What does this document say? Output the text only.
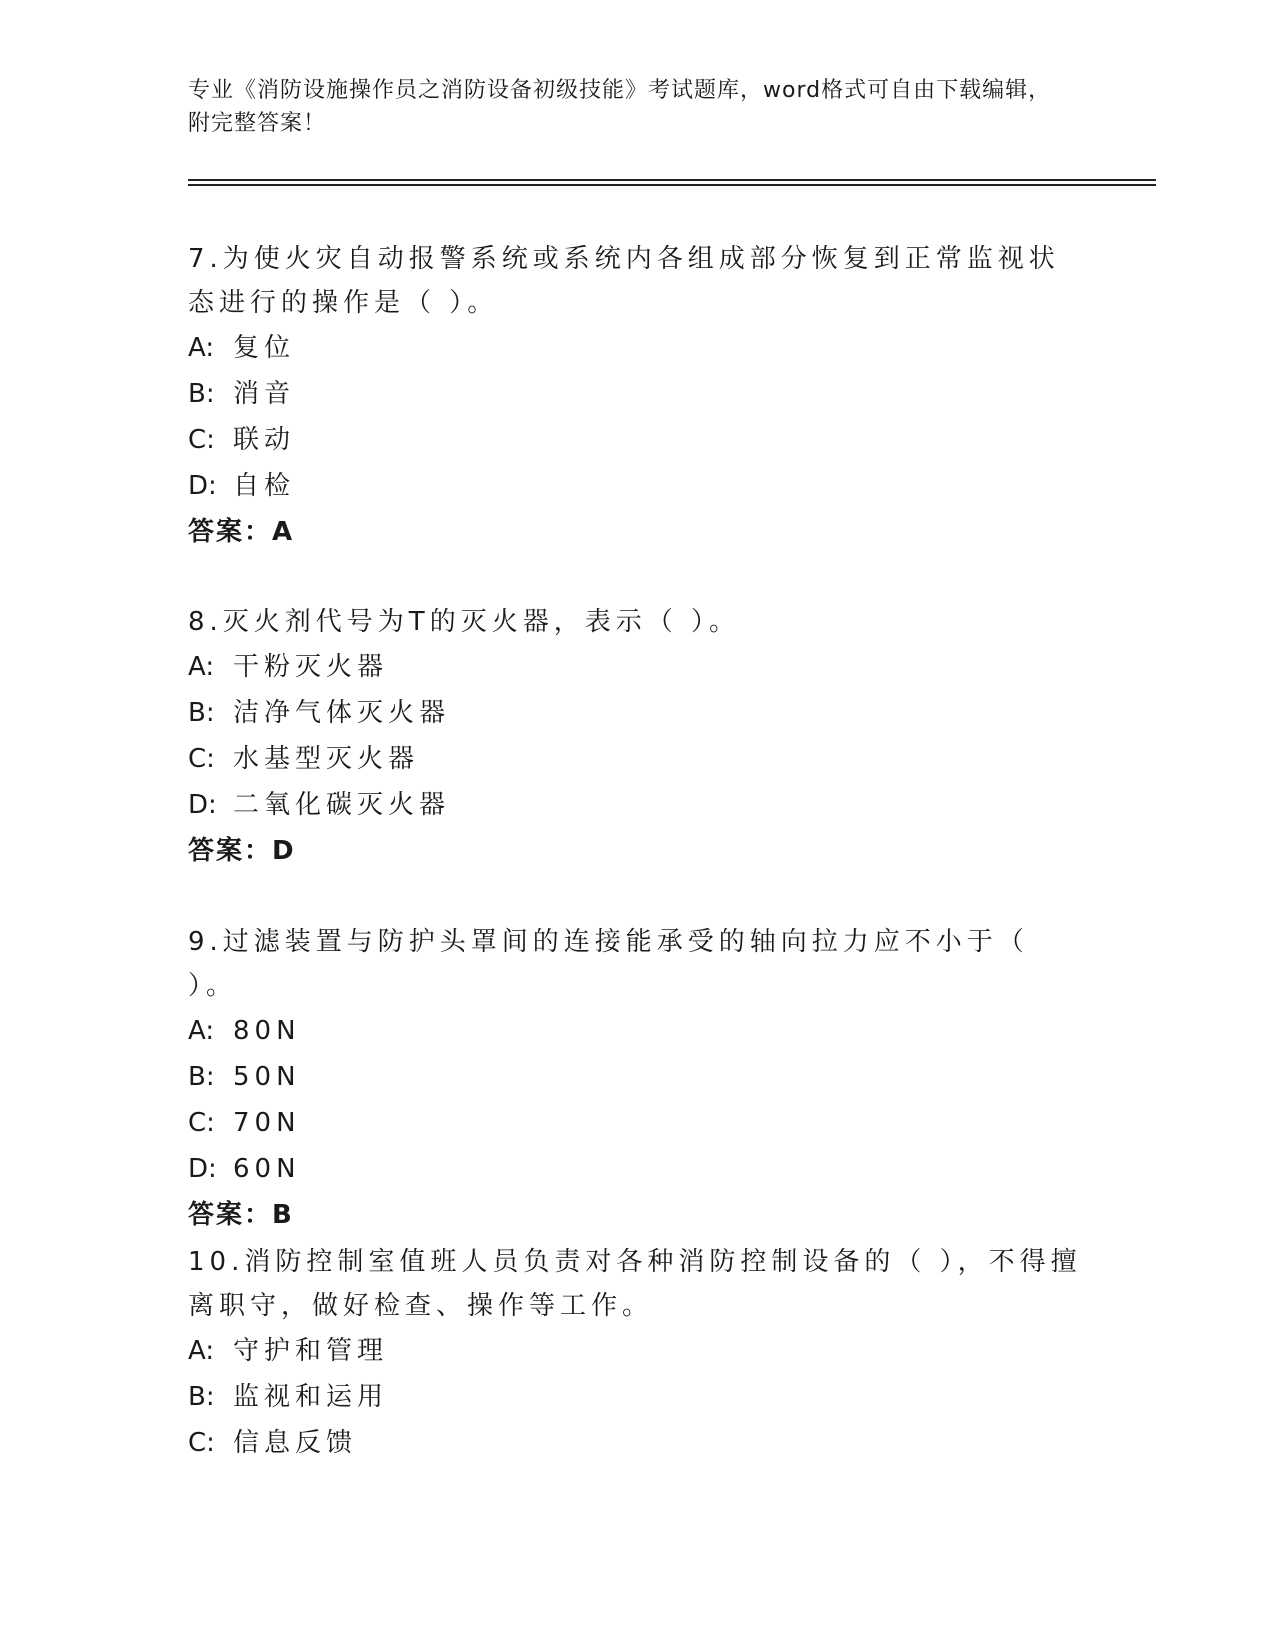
专业《消防设施操作员之消防设备初级技能》考试题库，word格式可自由下载编辑，附完整答案！

7.为使火灾自动报警系统或系统内各组成部分恢复到正常监视状态进行的操作是（ ）。

A: 复位
B: 消音
C: 联动
D: 自检

答案：A

8.灭火剂代号为T的灭火器，表示（ ）。

A: 干粉灭火器
B: 洁净气体灭火器
C: 水基型灭火器
D: 二氧化碳灭火器

答案：D

9.过滤装置与防护头罩间的连接能承受的轴向拉力应不小于（ ）。

A: 80N
B: 50N
C: 70N
D: 60N

答案：B

10.消防控制室值班人员负责对各种消防控制设备的（ ），不得擅离职守，做好检查、操作等工作。

A: 守护和管理
B: 监视和运用
C: 信息反馈
